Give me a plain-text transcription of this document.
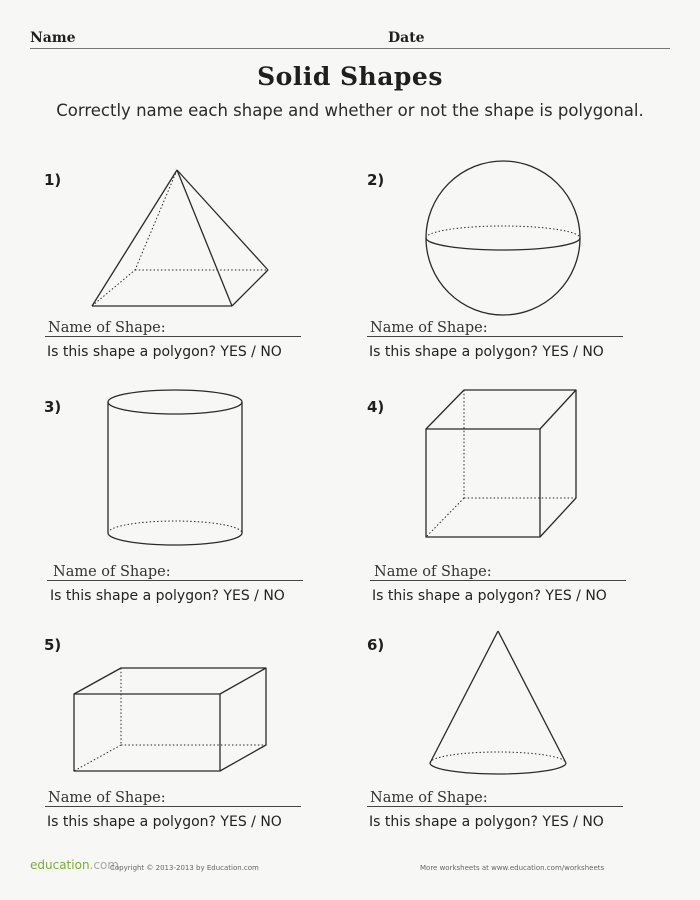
Name	Date
Solid Shapes
Correctly name each shape and whether or not the shape is polygonal.
1)
Name of Shape:
Is this shape a polygon? YES / NO
2)
Name of Shape:
Is this shape a polygon? YES / NO
3)
Name of Shape:
Is this shape a polygon? YES / NO
4)
Name of Shape:
Is this shape a polygon? YES / NO
5)
Name of Shape:
Is this shape a polygon? YES / NO
6)
Name of Shape:
Is this shape a polygon? YES / NO
education.com
Copyright © 2013-2013 by Education.com	More worksheets at www.education.com/worksheets
